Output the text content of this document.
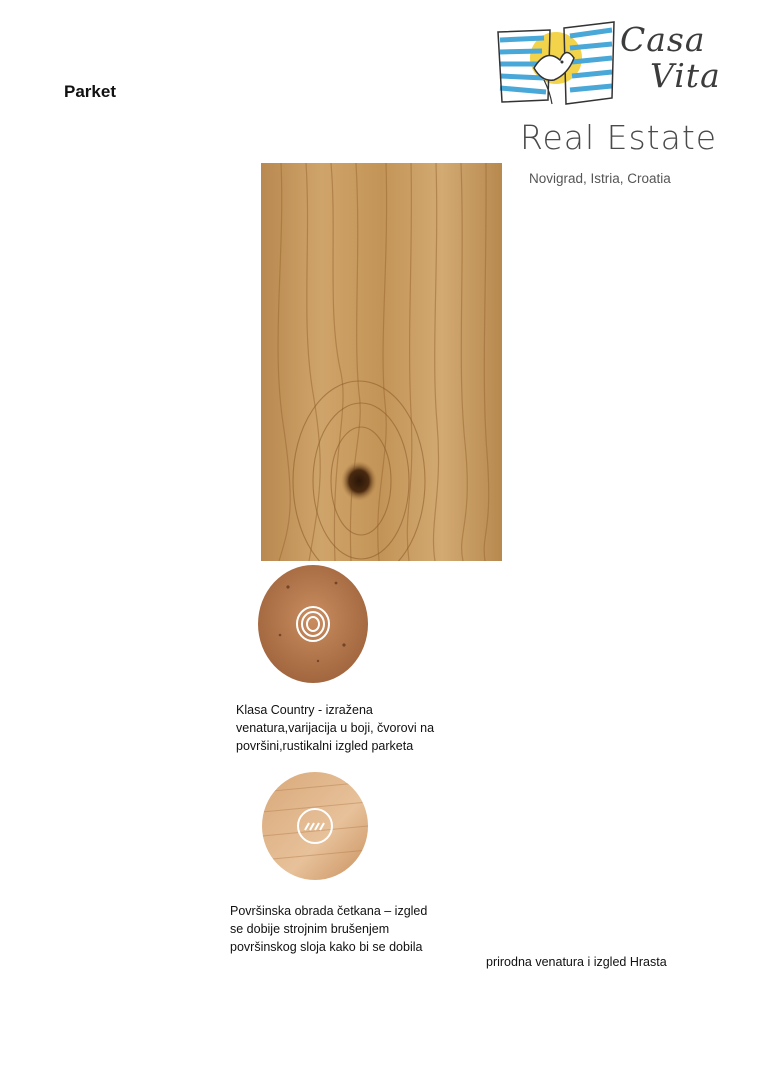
Parket
Casa
Vita
Real Estate
Novigrad, Istria, Croatia
Klasa Country - izražena
venatura,varijacija u boji, čvorovi na
površini,rustikalni izgled parketa
Površinska obrada četkana – izgled
se dobije strojnim brušenjem
površinskog sloja kako bi se dobila
prirodna venatura i izgled Hrasta
